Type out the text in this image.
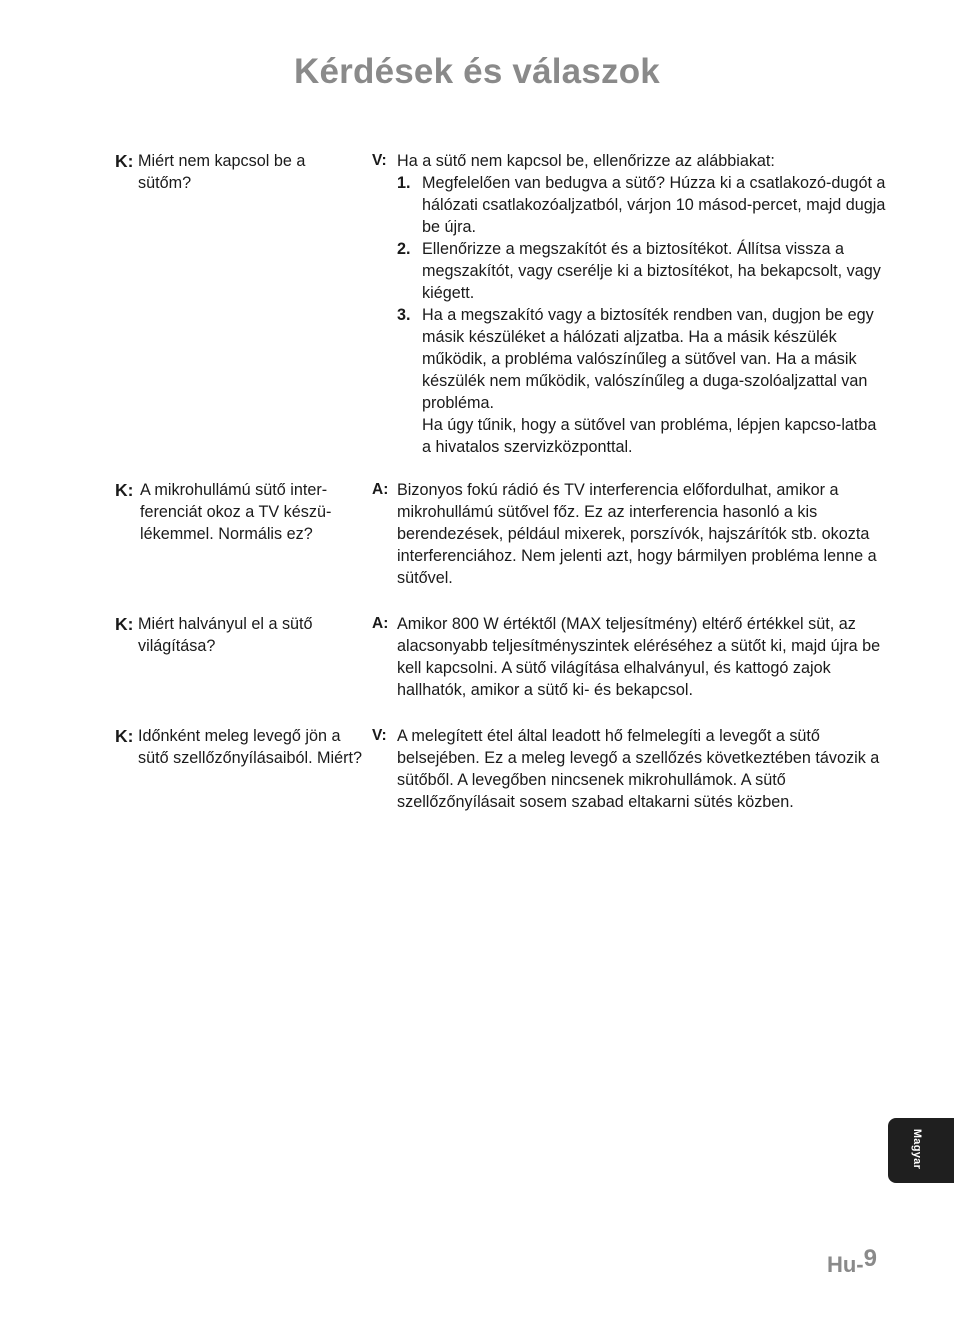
Kérdések és válaszok
K: Miért nem kapcsol be a sütőm?
V: Ha a sütő nem kapcsol be, ellenőrizze az alábbiakat:
1. Megfelelően van bedugva a sütő? Húzza ki a csatlakozó-dugót a hálózati csatlakozóaljzatból, várjon 10 másod-percet, majd dugja be újra.
2. Ellenőrizze a megszakítót és a biztosítékot. Állítsa vissza a megszakítót, vagy cserélje ki a biztosítékot, ha bekapcsolt, vagy kiégett.
3. Ha a megszakító vagy a biztosíték rendben van, dugjon be egy másik készüléket a hálózati aljzatba. Ha a másik készülék működik, a probléma valószínűleg a sütővel van. Ha a másik készülék nem működik, valószínűleg a duga-szolóaljzattal van probléma.
Ha úgy tűnik, hogy a sütővel van probléma, lépjen kapcso-latba a hivatalos szervizközponttal.
K: A mikrohullámú sütő inter-ferenciát okoz a TV készü-lékemmel. Normális ez?
A: Bizonyos fokú rádió és TV interferencia előfordulhat, amikor a mikrohullámú sütővel főz. Ez az interferencia hasonló a kis berendezések, például mixerek, porszívók, hajszárítók stb. okozta interferenciához. Nem jelenti azt, hogy bármilyen probléma lenne a sütővel.
K: Miért halványul el a sütő világítása?
A: Amikor 800 W értéktől (MAX teljesítmény) eltérő értékkel süt, az alacsonyabb teljesítményszintek eléréséhez a sütőt ki, majd újra be kell kapcsolni. A sütő világítása elhalványul, és kattogó zajok hallhatók, amikor a sütő ki- és bekapcsol.
K: Időnként meleg levegő jön a sütő szellőzőnyílásaiból. Miért?
V: A melegített étel által leadott hő felmelegíti a levegőt a sütő belsejében. Ez a meleg levegő a szellőzés következtében távozik a sütőből. A levegőben nincsenek mikrohullámok. A sütő szellőzőnyílásait sosem szabad eltakarni sütés közben.
Magyar
Hu-9
